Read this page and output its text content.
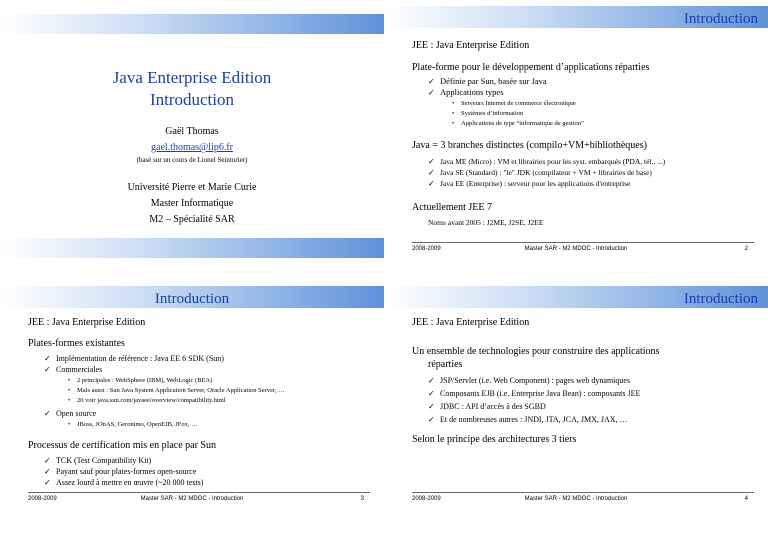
Java Enterprise Edition
Introduction
Gaël Thomas
gael.thomas@lip6.fr
(basé sur un cours de Lionel Seinturier)
Université Pierre et Marie Curie
Master Informatique
M2 – Spécialité SAR
Introduction
JEE : Java Enterprise Edition
Plate-forme pour le développement d’applications réparties
✓ Définie par Sun, basée sur Java
✓ Applications types
• Serveurs Internet de commerce électronique
• Systèmes d’information
• Applications de type “informatique de gestion”
Java = 3 branches distinctes (compilo+VM+bibliothèques)
✓ Java ME (Micro) : VM et librairies pour les syst. embarqués (PDA, tél., ...)
✓ Java SE (Standard) : "le" JDK (compilateur + VM + librairies de base)
✓ Java EE (Enterprise) : serveur pour les applications d'entreprise
Actuellement JEE 7
Noms avant 2005 : J2ME, J2SE, J2EE
2008-2009	Master SAR - M2 MDOC - Introduction	2
Introduction
JEE : Java Enterprise Edition
Plates-formes existantes
✓ Implémentation de référence : Java EE 6 SDK (Sun)
✓ Commerciales
• 2 principales : WebSphere (IBM), WebLogic (BEA)
• Mais aussi : Sun Java System Application Server, Oracle Application Server, …
• 20 voir java.sun.com/javaee/overview/compatibility.html
✓ Open source
• JBoss, JOnAS, Geronimo, OpenEJB, JFox, …
Processus de certification mis en place par Sun
✓ TCK (Test Compatibility Kit)
✓ Payant sauf pour plates-formes open-source
✓ Assez lourd à mettre en œuvre (~20 000 tests)
2008-2009	Master SAR - M2 MDOC - Introduction	3
Introduction
JEE : Java Enterprise Edition
Un ensemble de technologies pour construire des applications
réparties
✓ JSP/Servlet (i.e. Web Component) : pages web dynamiques
✓ Composants EJB (i.e. Enterprise Java Bean) : composants JEE
✓ JDBC : API d’accès à des SGBD
✓ Et de nombreuses autres : JNDI, JTA, JCA, JMX, JAX, …
Selon le principe des architectures 3 tiers
2008-2009	Master SAR - M2 MDOC - Introduction	4
